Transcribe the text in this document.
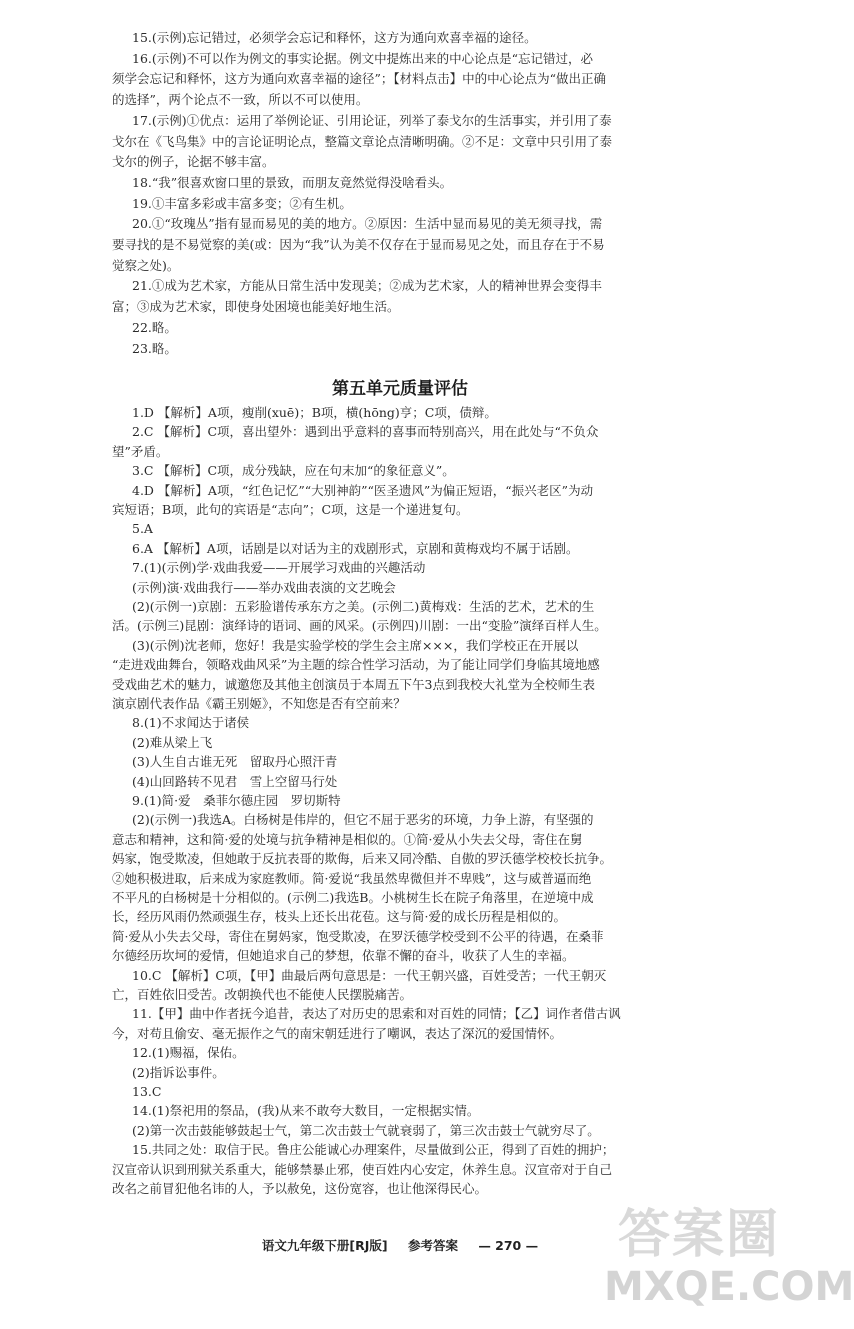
15.(示例)忘记错过，必须学会忘记和释怀，这方为通向欢喜幸福的途径。
16.(示例)不可以作为例文的事实论据。例文中提炼出来的中心论点是“忘记错过，必
须学会忘记和释怀，这方为通向欢喜幸福的途径”；【材料点击】中的中心论点为“做出正确
的选择”，两个论点不一致，所以不可以使用。
17.(示例)①优点：运用了举例论证、引用论证，列举了泰戈尔的生活事实，并引用了泰
戈尔在《飞鸟集》中的言论证明论点，整篇文章论点清晰明确。②不足：文章中只引用了泰
戈尔的例子，论据不够丰富。
18.“我”很喜欢窗口里的景致，而朋友竟然觉得没啥看头。
19.①丰富多彩或丰富多变；②有生机。
20.①“玫瑰丛”指有显而易见的美的地方。②原因：生活中显而易见的美无须寻找，需
要寻找的是不易觉察的美(或：因为“我”认为美不仅存在于显而易见之处，而且存在于不易
觉察之处)。
21.①成为艺术家，方能从日常生活中发现美；②成为艺术家，人的精神世界会变得丰
富；③成为艺术家，即使身处困境也能美好地生活。
22.略。
23.略。
第五单元质量评估
1.D 【解析】A项，瘦削(xuē)；B项，横(hōng)亨；C项，债辩。
2.C 【解析】C项，喜出望外：遇到出乎意料的喜事而特别高兴，用在此处与“不负众
望”矛盾。
3.C 【解析】C项，成分残缺，应在句末加“的象征意义”。
4.D 【解析】A项，“红色记忆”“大别神韵”“医圣遗风”为偏正短语，“振兴老区”为动
宾短语；B项，此句的宾语是“志向”；C项，这是一个递进复句。
5.A
6.A 【解析】A项，话剧是以对话为主的戏剧形式，京剧和黄梅戏均不属于话剧。
7.(1)(示例)学·戏曲我爱——开展学习戏曲的兴趣活动
(示例)演·戏曲我行——举办戏曲表演的文艺晚会
(2)(示例一)京剧：五彩脸谱传承东方之美。(示例二)黄梅戏：生活的艺术，艺术的生
活。(示例三)昆剧：演绎诗的语词、画的风采。(示例四)川剧：一出“变脸”演绎百样人生。
(3)(示例)沈老师，您好！我是实验学校的学生会主席×××，我们学校正在开展以
“走进戏曲舞台，领略戏曲风采”为主题的综合性学习活动，为了能让同学们身临其境地感
受戏曲艺术的魅力，诚邀您及其他主创演员于本周五下午3点到我校大礼堂为全校师生表
演京剧代表作品《霸王别姬》，不知您是否有空前来？
8.(1)不求闻达于诸侯
(2)难从梁上飞
(3)人生自古谁无死　留取丹心照汗青
(4)山回路转不见君　雪上空留马行处
9.(1)简·爱　桑菲尔德庄园　罗切斯特
(2)(示例一)我选A。白杨树是伟岸的，但它不屈于恶劣的环境，力争上游，有坚强的
意志和精神，这和简·爱的处境与抗争精神是相似的。①简·爱从小失去父母，寄住在舅
妈家，饱受欺凌，但她敢于反抗表哥的欺侮，后来又同冷酷、自傲的罗沃德学校校长抗争。
②她积极进取，后来成为家庭教师。简·爱说“我虽然卑微但并不卑贱”，这与威普逼而绝
不平凡的白杨树是十分相似的。(示例二)我选B。小桃树生长在院子角落里，在逆境中成
长，经历风雨仍然顽强生存，枝头上还长出花苞。这与简·爱的成长历程是相似的。
简·爱从小失去父母，寄住在舅妈家，饱受欺凌，在罗沃德学校受到不公平的待遇，在桑菲
尔德经历坎坷的爱情，但她追求自己的梦想，依靠不懈的奋斗，收获了人生的幸福。
10.C 【解析】C项，【甲】曲最后两句意思是：一代王朝兴盛，百姓受苦；一代王朝灭
亡，百姓依旧受苦。改朝换代也不能使人民摆脱痛苦。
11.【甲】曲中作者抚今追昔，表达了对历史的思索和对百姓的同情；【乙】词作者借古讽
今，对苟且偷安、毫无振作之气的南宋朝廷进行了嘲讽，表达了深沉的爱国情怀。
12.(1)赐福，保佑。
(2)指诉讼事件。
13.C
14.(1)祭祀用的祭品，(我)从来不敢夸大数目，一定根据实情。
(2)第一次击鼓能够鼓起士气，第二次击鼓士气就衰弱了，第三次击鼓士气就穷尽了。
15.共同之处：取信于民。鲁庄公能诚心办理案件，尽量做到公正，得到了百姓的拥护；
汉宣帝认识到刑狱关系重大，能够禁暴止邪，使百姓内心安定，休养生息。汉宣帝对于自己
改名之前冒犯他名讳的人，予以赦免，这份宽容，也让他深得民心。
语文九年级下册[RJ版] 参考答案 — 270 —	答案圈
MXQE.COM
